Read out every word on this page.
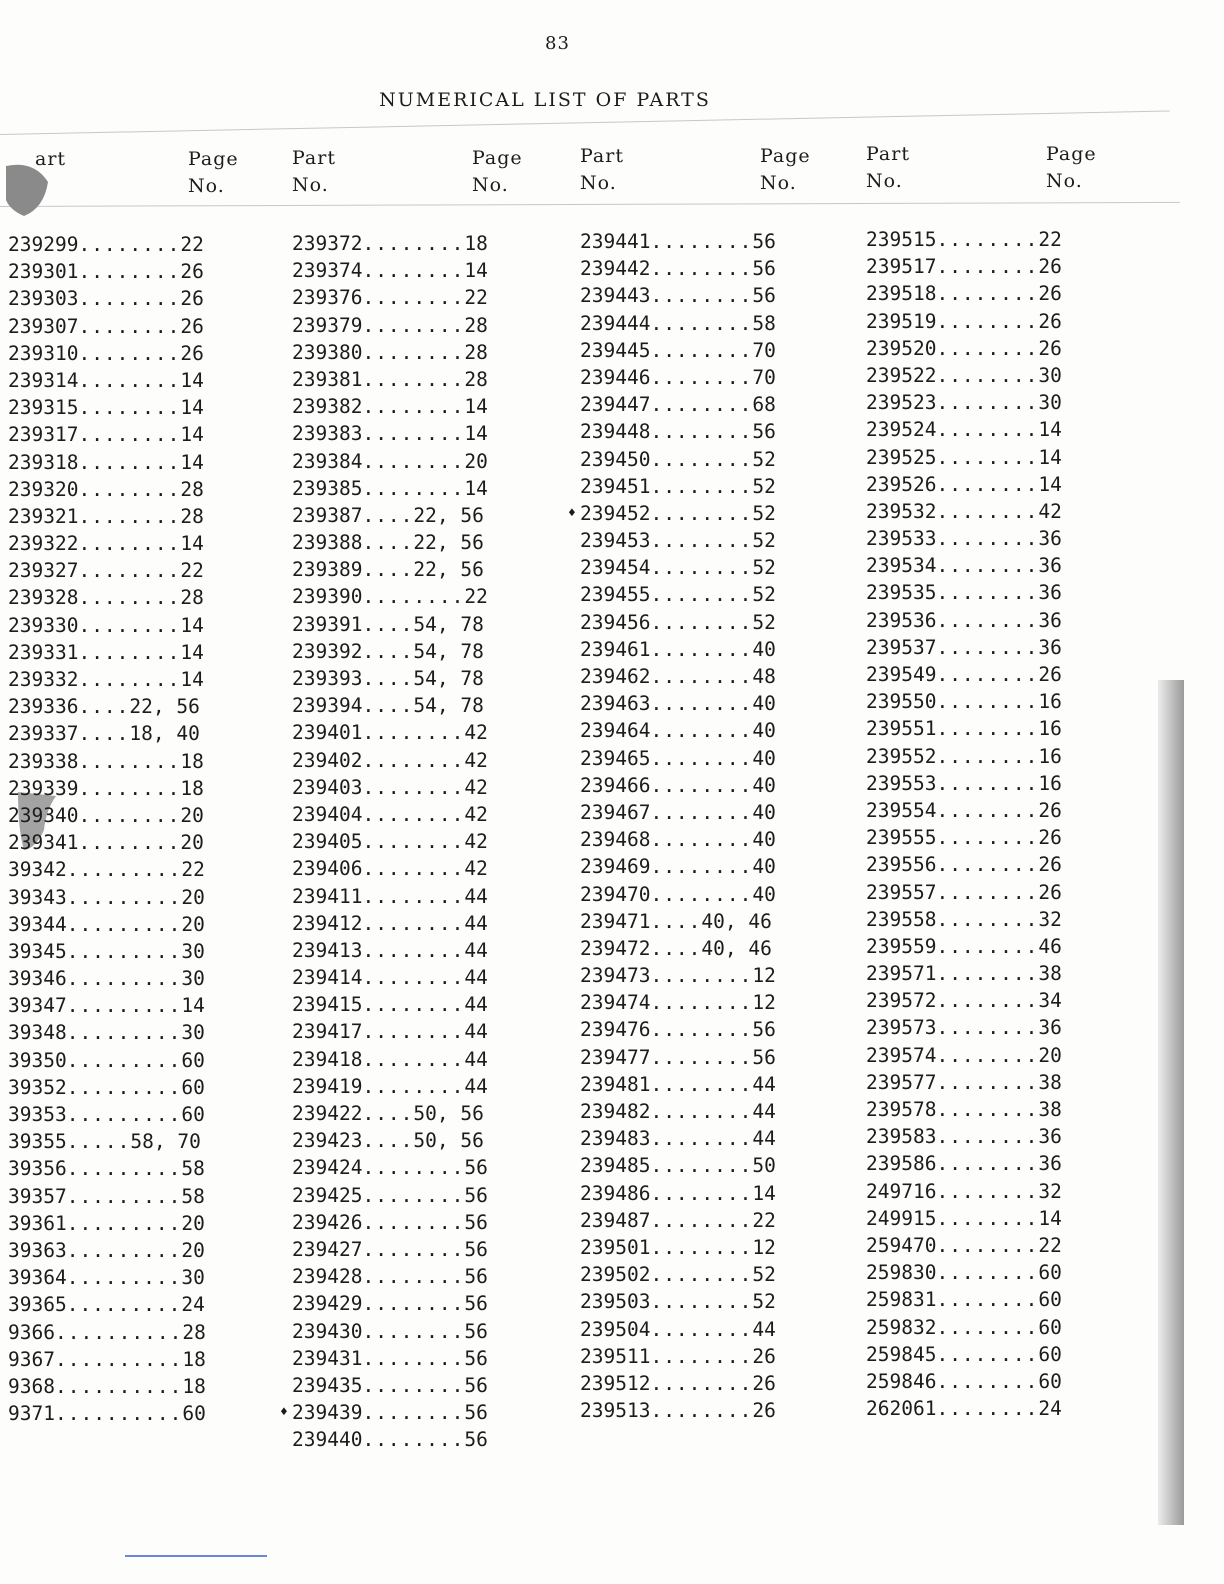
83
NUMERICAL LIST OF PARTS
art	Page
No.
239299........22
239301........26
239303........26
239307........26
239310........26
239314........14
239315........14
239317........14
239318........14
239320........28
239321........28
239322........14
239327........22
239328........28
239330........14
239331........14
239332........14
239336....22, 56
239337....18, 40
239338........18
239339........18
239340........20
239341........20
39342.........22
39343.........20
39344.........20
39345.........30
39346.........30
39347.........14
39348.........30
39350.........60
39352.........60
39353.........60
39355.....58, 70
39356.........58
39357.........58
39361.........20
39363.........20
39364.........30
39365.........24
9366..........28
9367..........18
9368..........18
9371..........60
Part
No.
Page
No.
239372........18
239374........14
239376........22
239379........28
239380........28
239381........28
239382........14
239383........14
239384........20
239385........14
239387....22, 56
239388....22, 56
239389....22, 56
239390........22
239391....54, 78
239392....54, 78
239393....54, 78
239394....54, 78
239401........42
239402........42
239403........42
239404........42
239405........42
239406........42
239411........44
239412........44
239413........44
239414........44
239415........44
239417........44
239418........44
239419........44
239422....50, 56
239423....50, 56
239424........56
239425........56
239426........56
239427........56
239428........56
239429........56
239430........56
239431........56
239435........56
♦ 239439........56
239440........56
Part
No.
Page
No.
239441........56
239442........56
239443........56
239444........58
239445........70
239446........70
239447........68
239448........56
239450........52
239451........52
♦ 239452........52
239453........52
239454........52
239455........52
239456........52
239461........40
239462........48
239463........40
239464........40
239465........40
239466........40
239467........40
239468........40
239469........40
239470........40
239471....40, 46
239472....40, 46
239473........12
239474........12
239476........56
239477........56
239481........44
239482........44
239483........44
239485........50
239486........14
239487........22
239501........12
239502........52
239503........52
239504........44
239511........26
239512........26
239513........26
Part
No.
Page
No.
239515........22
239517........26
239518........26
239519........26
239520........26
239522........30
239523........30
239524........14
239525........14
239526........14
239532........42
239533........36
239534........36
239535........36
239536........36
239537........36
239549........26
239550........16
239551........16
239552........16
239553........16
239554........26
239555........26
239556........26
239557........26
239558........32
239559........46
239571........38
239572........34
239573........36
239574........20
239577........38
239578........38
239583........36
239586........36
249716........32
249915........14
259470........22
259830........60
259831........60
259832........60
259845........60
259846........60
262061........24
